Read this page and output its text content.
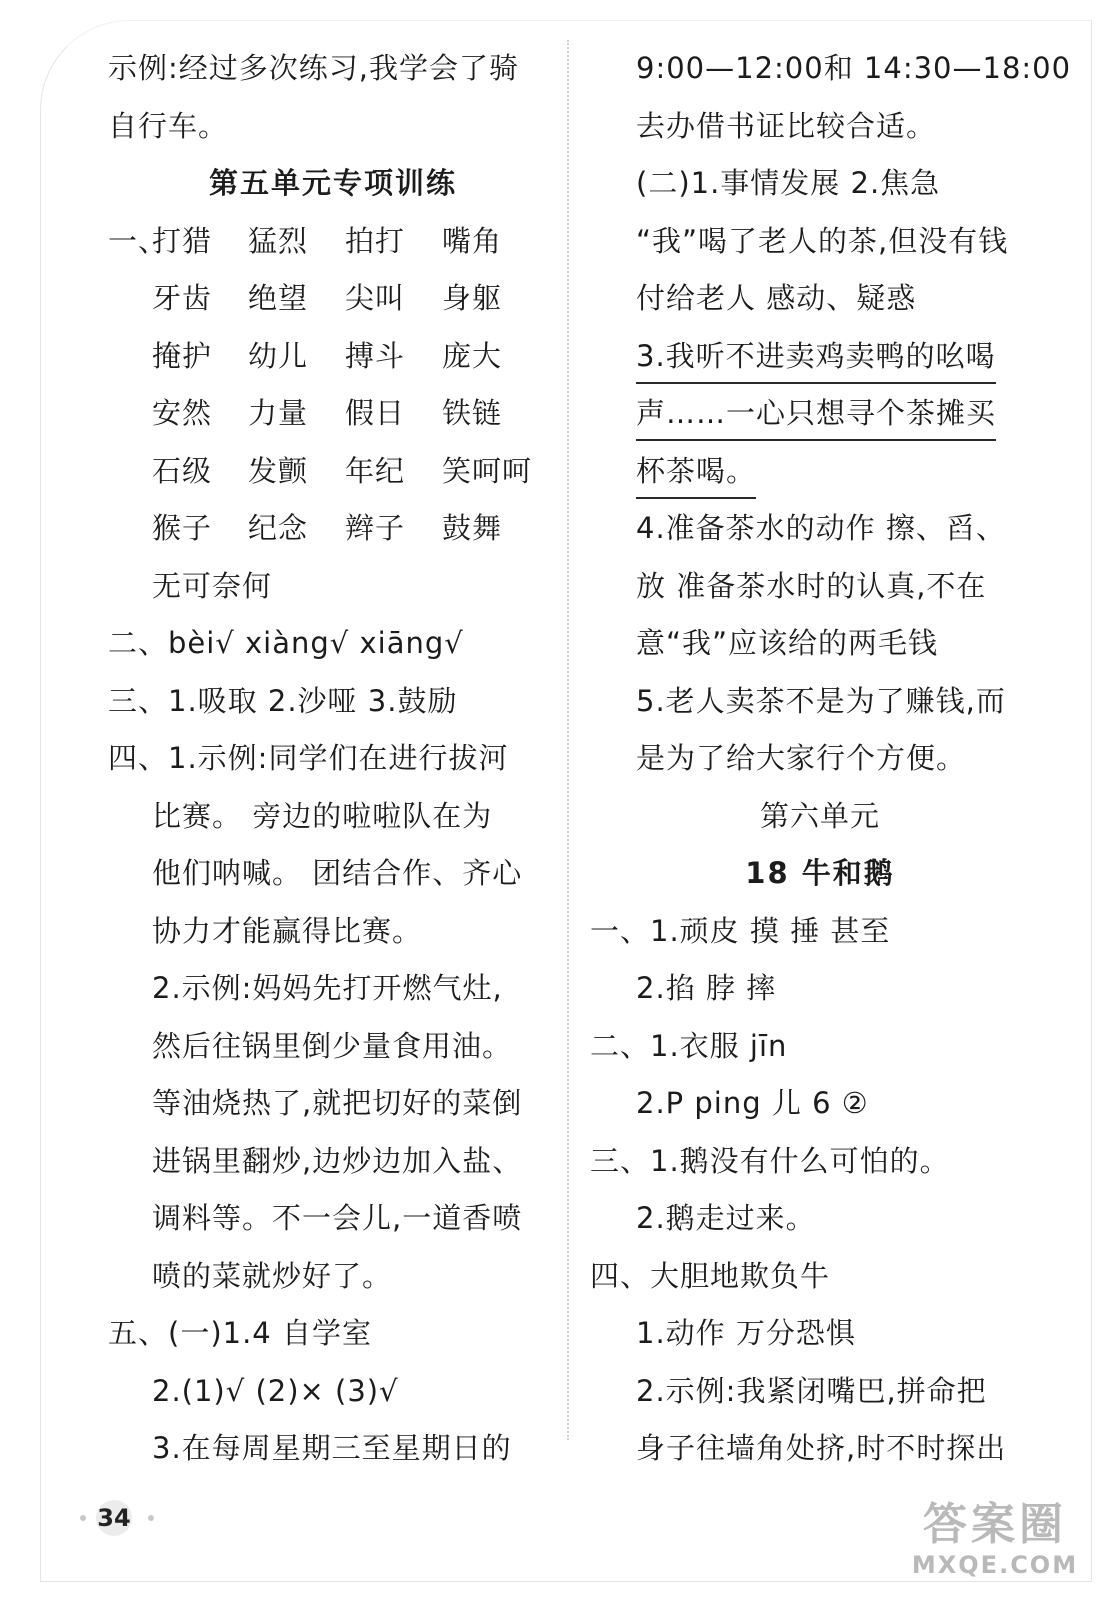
示例:经过多次练习,我学会了骑
自行车。
第五单元专项训练
一、打猎 猛烈 拍打 嘴角
牙齿 绝望 尖叫 身躯
掩护 幼儿 搏斗 庞大
安然 力量 假日 铁链
石级 发颤 年纪 笑呵呵
猴子 纪念 辫子 鼓舞
无可奈何
二、bèi√ xiàng√ xiāng√
三、1.吸取 2.沙哑 3.鼓励
四、1.示例:同学们在进行拔河
比赛。 旁边的啦啦队在为
他们呐喊。 团结合作、齐心
协力才能赢得比赛。
2.示例:妈妈先打开燃气灶,
然后往锅里倒少量食用油。
等油烧热了,就把切好的菜倒
进锅里翻炒,边炒边加入盐、
调料等。不一会儿,一道香喷
喷的菜就炒好了。
五、(一)1.4 自学室
2.(1)√ (2)× (3)√
3.在每周星期三至星期日的
9:00—12:00和 14:30—18:00
去办借书证比较合适。
(二)1.事情发展 2.焦急
“我”喝了老人的茶,但没有钱
付给老人 感动、疑惑
3.我听不进卖鸡卖鸭的吆喝
声……一心只想寻个茶摊买
杯茶喝。
4.准备茶水的动作 擦、舀、
放 准备茶水时的认真,不在
意“我”应该给的两毛钱
5.老人卖茶不是为了赚钱,而
是为了给大家行个方便。
第六单元
18 牛和鹅
一、1.顽皮 摸 捶 甚至
2.掐 脖 摔
二、1.衣服 jīn
2.P ping 儿 6 ②
三、1.鹅没有什么可怕的。
2.鹅走过来。
四、大胆地欺负牛
1.动作 万分恐惧
2.示例:我紧闭嘴巴,拼命把
身子往墙角处挤,时不时探出
34	答案圈
MXQE.COM
